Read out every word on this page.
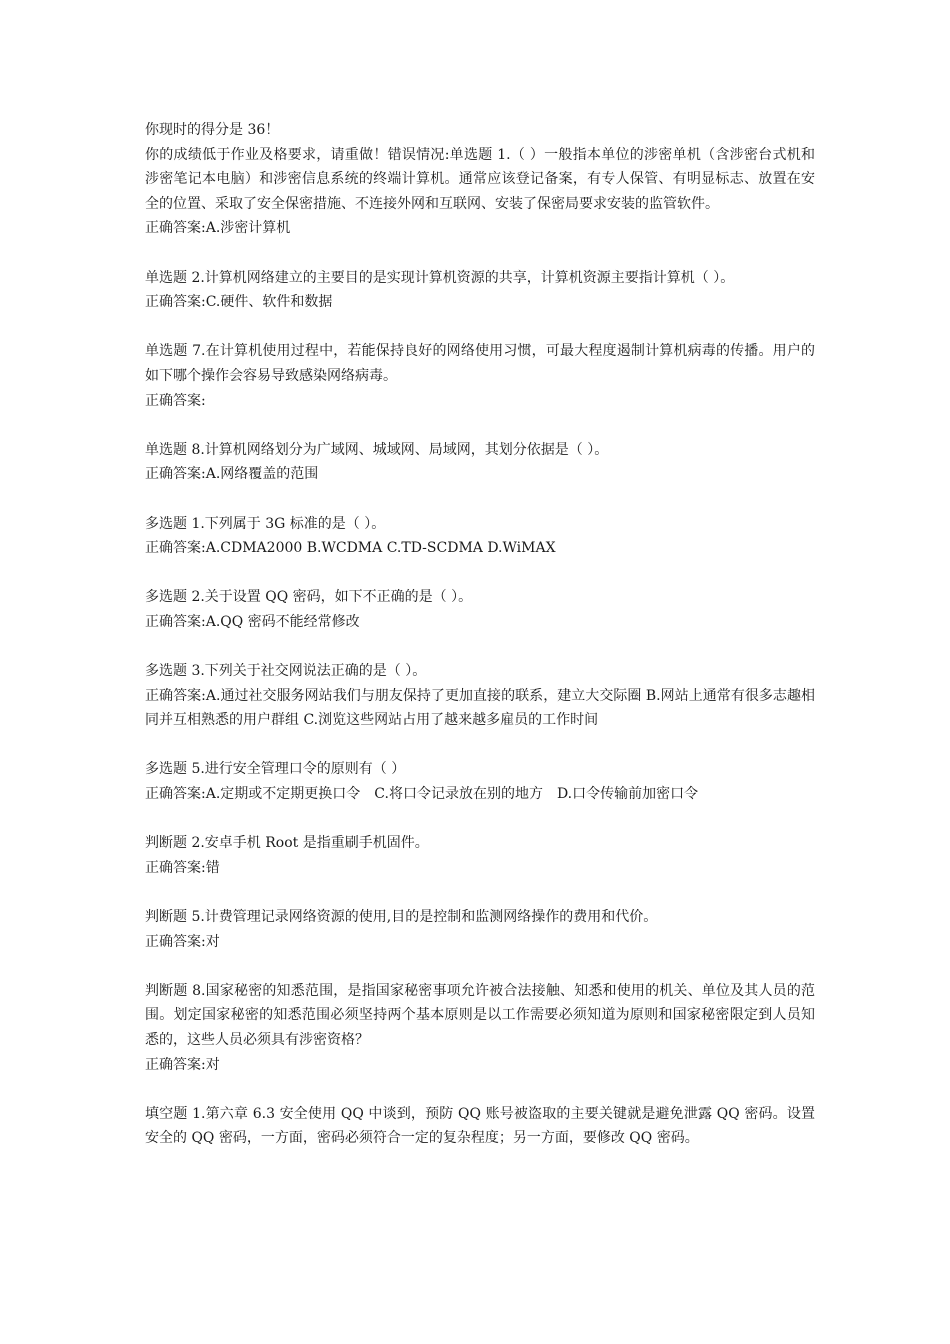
你现时的得分是 36！

你的成绩低于作业及格要求，请重做！错误情况:单选题 1.（ ）一般指本单位的涉密单机（含涉密台式机和涉密笔记本电脑）和涉密信息系统的终端计算机。通常应该登记备案，有专人保管、有明显标志、放置在安全的位置、采取了安全保密措施、不连接外网和互联网、安装了保密局要求安装的监管软件。

正确答案:A.涉密计算机

单选题 2.计算机网络建立的主要目的是实现计算机资源的共享，计算机资源主要指计算机（ ）。

正确答案:C.硬件、软件和数据

单选题 7.在计算机使用过程中，若能保持良好的网络使用习惯，可最大程度遏制计算机病毒的传播。用户的如下哪个操作会容易导致感染网络病毒。

正确答案:

单选题 8.计算机网络划分为广域网、城域网、局域网，其划分依据是（ ）。

正确答案:A.网络覆盖的范围

多选题 1.下列属于 3G 标准的是（ ）。

正确答案:A.CDMA2000 B.WCDMA C.TD-SCDMA D.WiMAX

多选题 2.关于设置 QQ 密码，如下不正确的是（ ）。

正确答案:A.QQ 密码不能经常修改

多选题 3.下列关于社交网说法正确的是（ ）。

正确答案:A.通过社交服务网站我们与朋友保持了更加直接的联系，建立大交际圈 B.网站上通常有很多志趣相同并互相熟悉的用户群组 C.浏览这些网站占用了越来越多雇员的工作时间

多选题 5.进行安全管理口令的原则有（ ）

正确答案:A.定期或不定期更换口令　C.将口令记录放在别的地方　D.口令传输前加密口令

判断题 2.安卓手机 Root 是指重刷手机固件。

正确答案:错

判断题 5.计费管理记录网络资源的使用,目的是控制和监测网络操作的费用和代价。

正确答案:对

判断题 8.国家秘密的知悉范围，是指国家秘密事项允许被合法接触、知悉和使用的机关、单位及其人员的范围。划定国家秘密的知悉范围必须坚持两个基本原则是以工作需要必须知道为原则和国家秘密限定到人员知悉的，这些人员必须具有涉密资格？

正确答案:对

填空题 1.第六章 6.3 安全使用 QQ 中谈到，预防 QQ 账号被盗取的主要关键就是避免泄露 QQ 密码。设置安全的 QQ 密码，一方面，密码必须符合一定的复杂程度；另一方面，要修改 QQ 密码。
